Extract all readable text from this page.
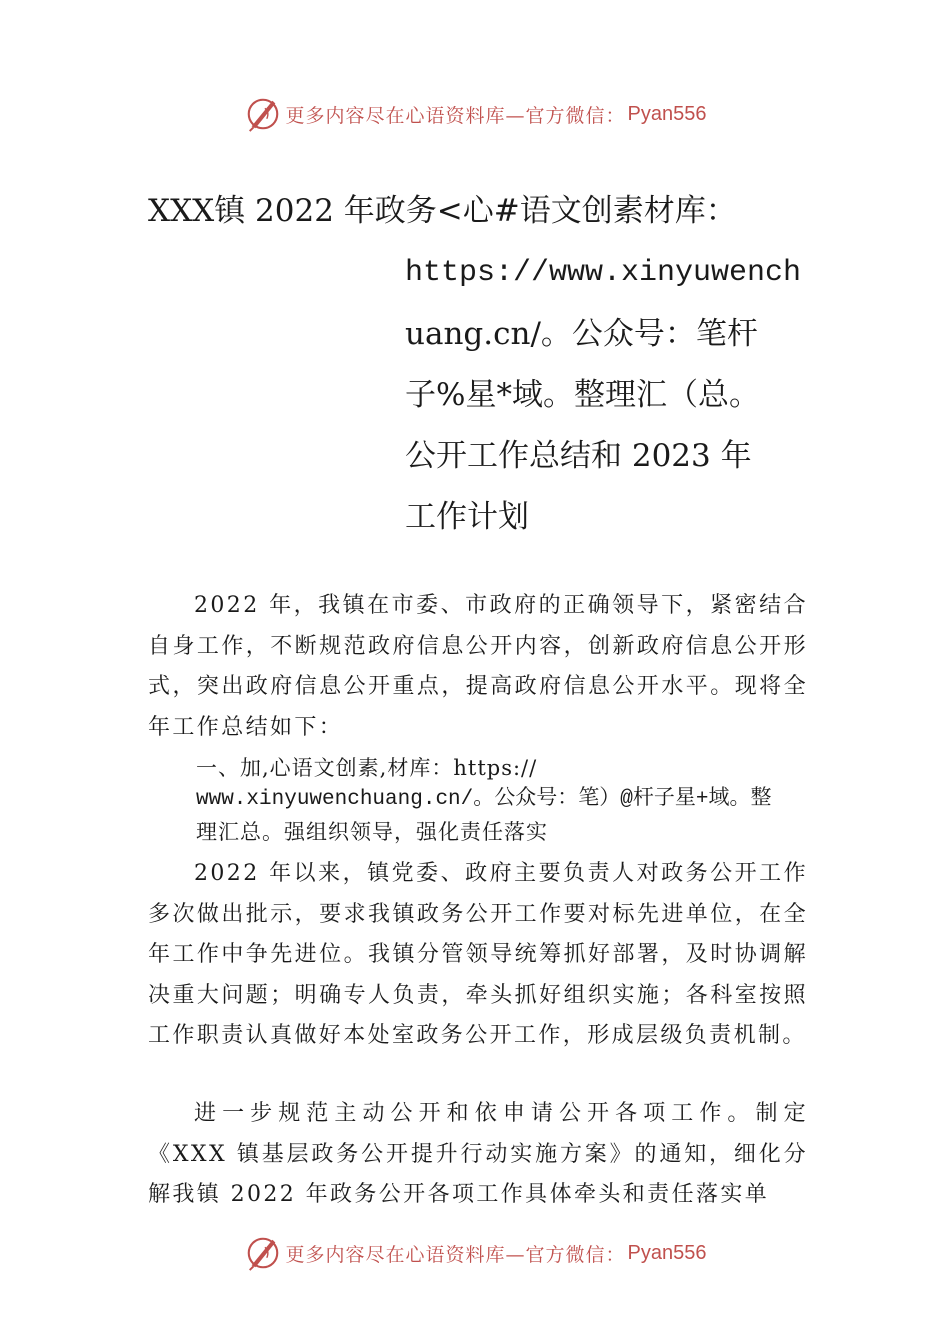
更多内容尽在心语资料库—官方微信： Pyan556
XXX镇 2022 年政务<心#语文创素材库：
https://www.xinyuwench
uang.cn/。公众号：笔杆
子%星*域。整理汇（总。
公开工作总结和 2023 年
工作计划
2022 年，我镇在市委、市政府的正确领导下，紧密结合自身工作，不断规范政府信息公开内容，创新政府信息公开形式，突出政府信息公开重点，提高政府信息公开水平。现将全年工作总结如下：
一、加,心语文创素,材库：https://
www.xinyuwenchuang.cn/。公众号：笔）@杆子星+域。整
理汇总。强组织领导，强化责任落实
2022 年以来，镇党委、政府主要负责人对政务公开工作多次做出批示，要求我镇政务公开工作要对标先进单位，在全年工作中争先进位。我镇分管领导统筹抓好部署，及时协调解决重大问题；明确专人负责，牵头抓好组织实施；各科室按照工作职责认真做好本处室政务公开工作，形成层级负责机制。
进一步规范主动公开和依申请公开各项工作。制定《XXX 镇基层政务公开提升行动实施方案》的通知，细化分解我镇 2022 年政务公开各项工作具体牵头和责任落实单
更多内容尽在心语资料库—官方微信： Pyan556
